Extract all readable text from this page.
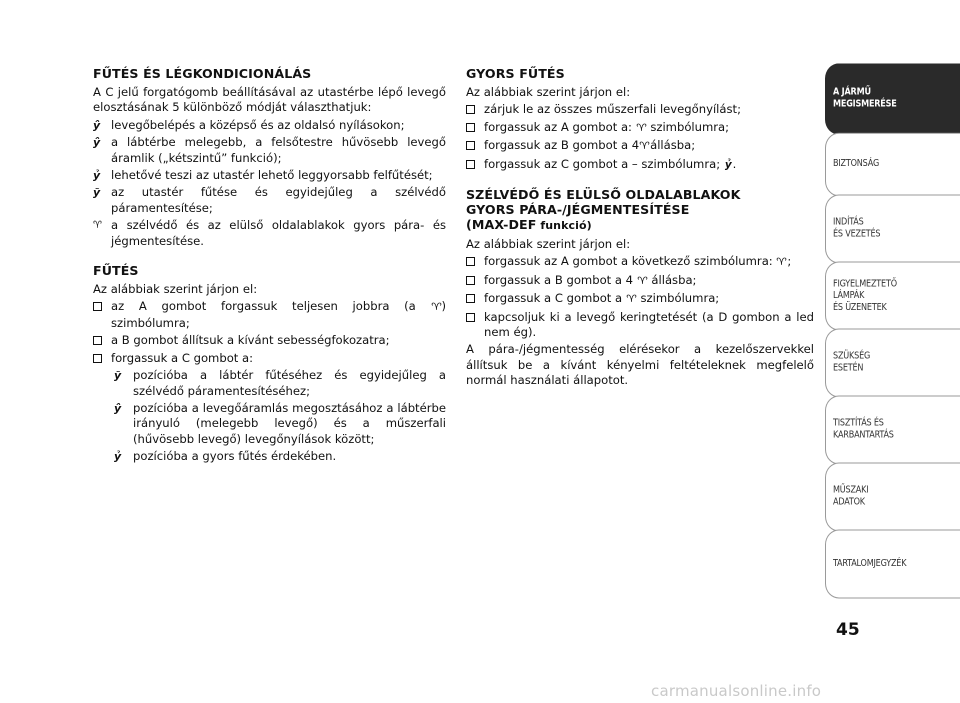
FŰTÉS ÉS LÉGKONDICIONÁLÁS
A C jelű forgatógomb beállításával az utastérbe lépő levegő elosztásának 5 különböző módját választhatjuk:
ŷ levegőbelépés a középső és az oldalsó nyílásokon;
ŷ a lábtérbe melegebb, a felsőtestre hűvösebb levegő áramlik („kétszintű” funkció);
ỷ lehetővé teszi az utastér lehető leggyorsabb felfűtését;
ỹ az utastér fűtése és egyidejűleg a szélvédő páramentesítése;
♈ a szélvédő és az elülső oldalablakok gyors pára- és jégmentesítése.
FŰTÉS
Az alábbiak szerint járjon el:
az A gombot forgassuk teljesen jobbra (a ♈) szimbólumra;
a B gombot állítsuk a kívánt sebességfokozatra;
forgassuk a C gombot a:
ỹ	pozícióba a lábtér fűtéséhez és egyidejűleg a szélvédő páramentesítéséhez;
ŷ	pozícióba a levegőáramlás megosztásához a lábtérbe irányuló (melegebb levegő) és a műszerfali (hűvösebb levegő) levegőnyílások között;
ỷ	pozícióba a gyors fűtés érdekében.
GYORS FŰTÉS
Az alábbiak szerint járjon el:
zárjuk le az összes műszerfali levegőnyílást;
forgassuk az A gombot a: ♈ szimbólumra;
forgassuk az B gombot a 4♈állásba;
forgassuk az C gombot a – szimbólumra; ỷ.
SZÉLVÉDŐ ÉS ELÜLSŐ OLDALABLAKOK
GYORS PÁRA-/JÉGMENTESÍTÉSE
(MAX-DEF funkció)
Az alábbiak szerint járjon el:
forgassuk az A gombot a következő szimbólumra: ♈;
forgassuk a B gombot a 4 ♈ állásba;
forgassuk a C gombot a ♈ szimbólumra;
kapcsoljuk ki a levegő keringtetését (a D gombon a led nem ég).
A pára-/jégmentesség elérésekor a kezelőszervekkel állítsuk be a kívánt kényelmi feltételeknek megfelelő normál használati állapotot.
A JÁRMŰ
MEGISMERÉSE
BIZTONSÁG
INDÍTÁS
ÉS VEZETÉS
FIGYELMEZTETŐ
LÁMPÁK
ÉS ÜZENETEK
SZÜKSÉG
ESETÉN
TISZTÍTÁS ÉS
KARBANTARTÁS
MŰSZAKI
ADATOK
TARTALOMJEGYZÉK
45
carmanualsonline.info
